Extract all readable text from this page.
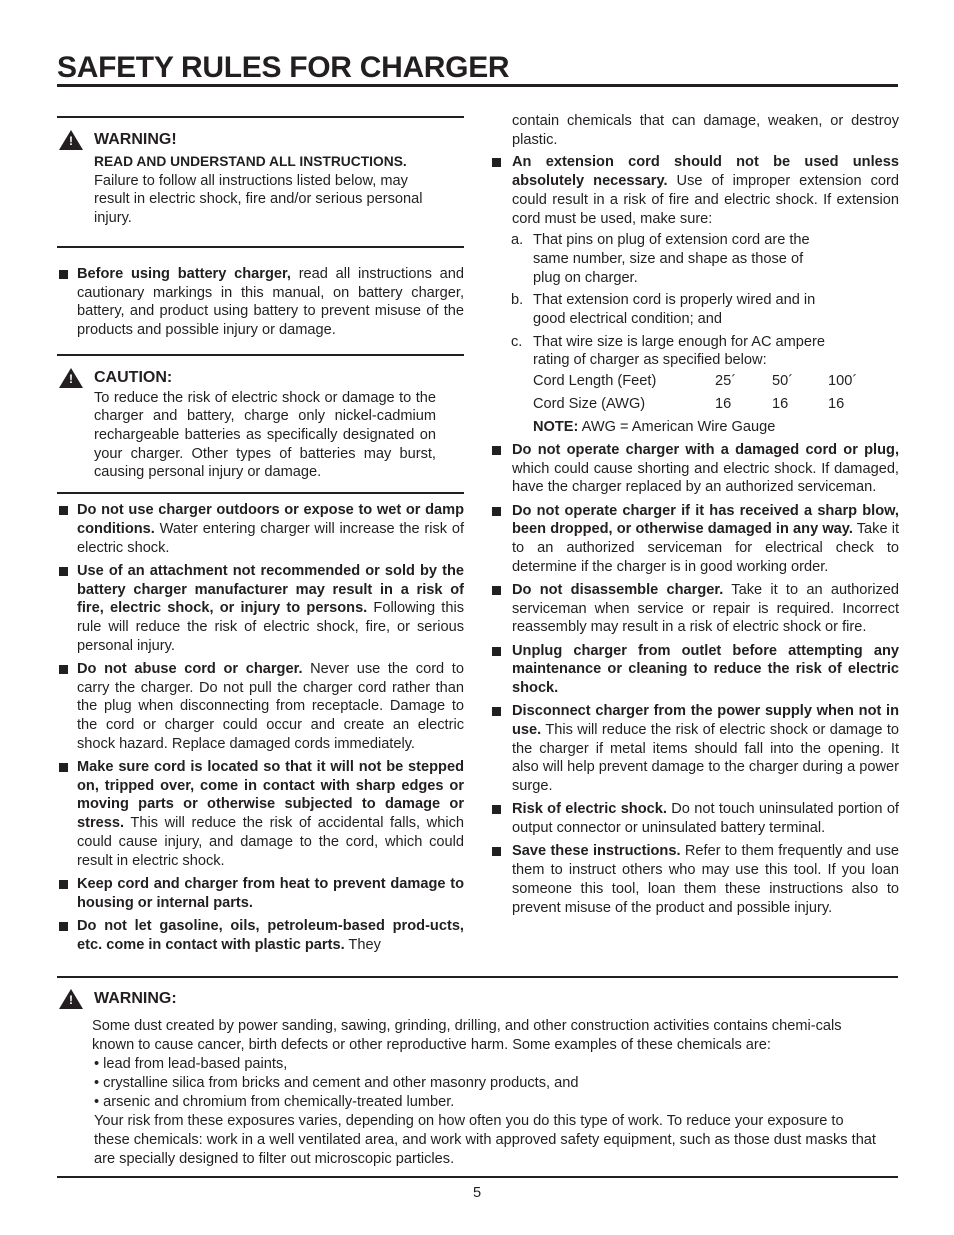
SAFETY RULES FOR CHARGER
! WARNING!

READ AND UNDERSTAND ALL INSTRUCTIONS.

Failure to follow all instructions listed below, may result in electric shock, fire and/or serious personal injury.

Before using battery charger, read all instructions and cautionary markings in this manual, on battery charger, battery, and product using battery to prevent misuse of the products and possible injury or damage.
! CAUTION:

To reduce the risk of electric shock or damage to the charger and battery, charge only nickel-cadmium rechargeable batteries as specifically designated on your charger. Other types of batteries may burst, causing personal injury or damage.

Do not use charger outdoors or expose to wet or damp conditions. Water entering charger will increase the risk of electric shock.
Use of an attachment not recommended or sold by the battery charger manufacturer may result in a risk of fire, electric shock, or injury to persons. Following this rule will reduce the risk of electric shock, fire, or serious personal injury.
Do not abuse cord or charger. Never use the cord to carry the charger. Do not pull the charger cord rather than the plug when disconnecting from receptacle. Damage to the cord or charger could occur and create an electric shock hazard. Replace damaged cords immediately.
Make sure cord is located so that it will not be stepped on, tripped over, come in contact with sharp edges or moving parts or otherwise subjected to damage or stress. This will reduce the risk of accidental falls, which could cause injury, and damage to the cord, which could result in electric shock.
Keep cord and charger from heat to prevent damage to housing or internal parts.
Do not let gasoline, oils, petroleum-based prod-ucts, etc. come in contact with plastic parts. They

contain chemicals that can damage, weaken, or destroy plastic.

An extension cord should not be used unless absolutely necessary. Use of improper extension cord could result in a risk of fire and electric shock. If extension cord must be used, make sure:
a. That pins on plug of extension cord are the same number, size and shape as those of plug on charger.
b. That extension cord is properly wired and in good electrical condition; and
c. That wire size is large enough for AC ampere rating of charger as specified below:
Cord Length (Feet)	25´	50´	100´
Cord Size (AWG)	16	16	16

NOTE: AWG = American Wire Gauge

Do not operate charger with a damaged cord or plug, which could cause shorting and electric shock. If damaged, have the charger replaced by an authorized serviceman.
Do not operate charger if it has received a sharp blow, been dropped, or otherwise damaged in any way. Take it to an authorized serviceman for electrical check to determine if the charger is in good working order.
Do not disassemble charger. Take it to an authorized serviceman when service or repair is required. Incorrect reassembly may result in a risk of electric shock or fire.
Unplug charger from outlet before attempting any maintenance or cleaning to reduce the risk of electric shock.
Disconnect charger from the power supply when not in use. This will reduce the risk of electric shock or damage to the charger if metal items should fall into the opening. It also will help prevent damage to the charger during a power surge.
Risk of electric shock. Do not touch uninsulated portion of output connector or uninsulated battery terminal.
Save these instructions. Refer to them frequently and use them to instruct others who may use this tool. If you loan someone this tool, loan them these instructions also to prevent misuse of the product and possible injury.
! WARNING:

Some dust created by power sanding, sawing, grinding, drilling, and other construction activities contains chemi-cals known to cause cancer, birth defects or other reproductive harm. Some examples of these chemicals are:

• lead from lead-based paints,

• crystalline silica from bricks and cement and other masonry products, and

• arsenic and chromium from chemically-treated lumber.

Your risk from these exposures varies, depending on how often you do this type of work. To reduce your exposure to these chemicals: work in a well ventilated area, and work with approved safety equipment, such as those dust masks that are specially designed to filter out microscopic particles.

5
